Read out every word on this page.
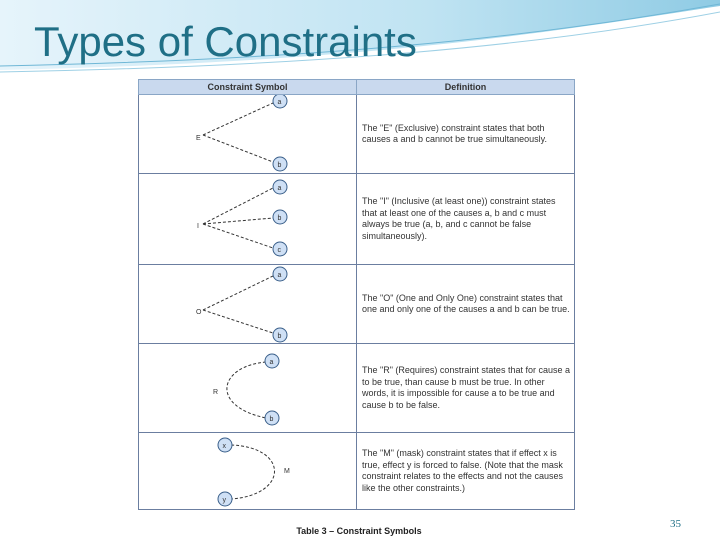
Types of Constraints
Constraint Symbol	Definition

E
a
b	The "E" (Exclusive) constraint states that both causes a and b cannot be true simultaneously.

I
a
b
c	The "I" (Inclusive (at least one)) constraint states that at least one of the causes a, b and c must always be true (a, b, and c cannot be false simultaneously).

O
a
b	The "O" (One and Only One) constraint states that one and only one of the causes a and b can be true.

R
a
b	The "R" (Requires) constraint states that for cause a to be true, than cause b must be true. In other words, it is impossible for cause a to be true and cause b to be false.

M
x
y	The "M" (mask) constraint states that if effect x is true, effect y is forced to false. (Note that the mask constraint relates to the effects and not the causes like the other constraints.)
Table 3 – Constraint Symbols
35
